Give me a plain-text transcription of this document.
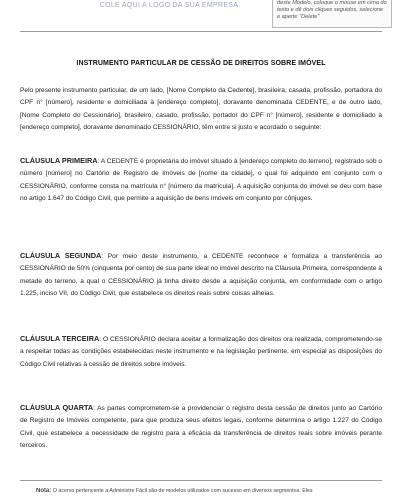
COLE AQUI A LOGO DA SUA EMPRESA	deste Modelo, coloque o mouse em cima do texto e dê dois cliques seguidos, selecione e aperte "Delete"
INSTRUMENTO PARTICULAR DE CESSÃO DE DIREITOS SOBRE IMÓVEL
Pelo presente instrumento particular, de um lado, [Nome Completo da Cedente], brasileira, casada, profissão, portadora do CPF n° [número], residente e domiciliada à [endereço completo], doravante denominada CEDENTE, e de outro lado, [Nome Completo do Cessionário], brasileiro, casado, profissão, portador do CPF n° [número], residente e domiciliado à [endereço completo], doravante denominado CESSIONÁRIO, têm entre si justo e acordado o seguinte:
CLÁUSULA PRIMEIRA: A CEDENTE é proprietária do imóvel situado à [endereço completo do terreno], registrado sob o número [número] no Cartório de Registro de Imóveis de [nome da cidade], o qual foi adquirido em conjunto com o CESSIONÁRIO, conforme consta na matrícula n° [número da matrícula]. A aquisição conjunta do imóvel se deu com base no artigo 1.647 do Código Civil, que permite a aquisição de bens imóveis em conjunto por cônjuges.
CLÁUSULA SEGUNDA: Por meio deste instrumento, a CEDENTE reconhece e formaliza a transferência ao CESSIONÁRIO de 50% (cinquenta por cento) de sua parte ideal no imóvel descrito na Cláusula Primeira, correspondente à metade do terreno, a qual o CESSIONÁRIO já tinha direito desde a aquisição conjunta, em conformidade com o artigo 1.225, inciso VII, do Código Civil, que estabelece os direitos reais sobre coisas alheias.
CLÁUSULA TERCEIRA: O CESSIONÁRIO declara aceitar a formalização dos direitos ora realizada, comprometendo-se a respeitar todas as condições estabelecidas neste instrumento e na legislação pertinente, em especial as disposições do Código Civil relativas à cessão de direitos sobre imóveis.
CLÁUSULA QUARTA: As partes comprometem-se a providenciar o registro desta cessão de direitos junto ao Cartório de Registro de Imóveis competente, para que produza seus efeitos legais, conforme determina o artigo 1.227 do Código Civil, que estabelece a necessidade de registro para a eficácia da transferência de direitos reais sobre imóveis perante terceiros.
Nota: O acervo pertencente a Administre Fácil são de modelos utilizados com sucesso em diversos segmentos. Eles
